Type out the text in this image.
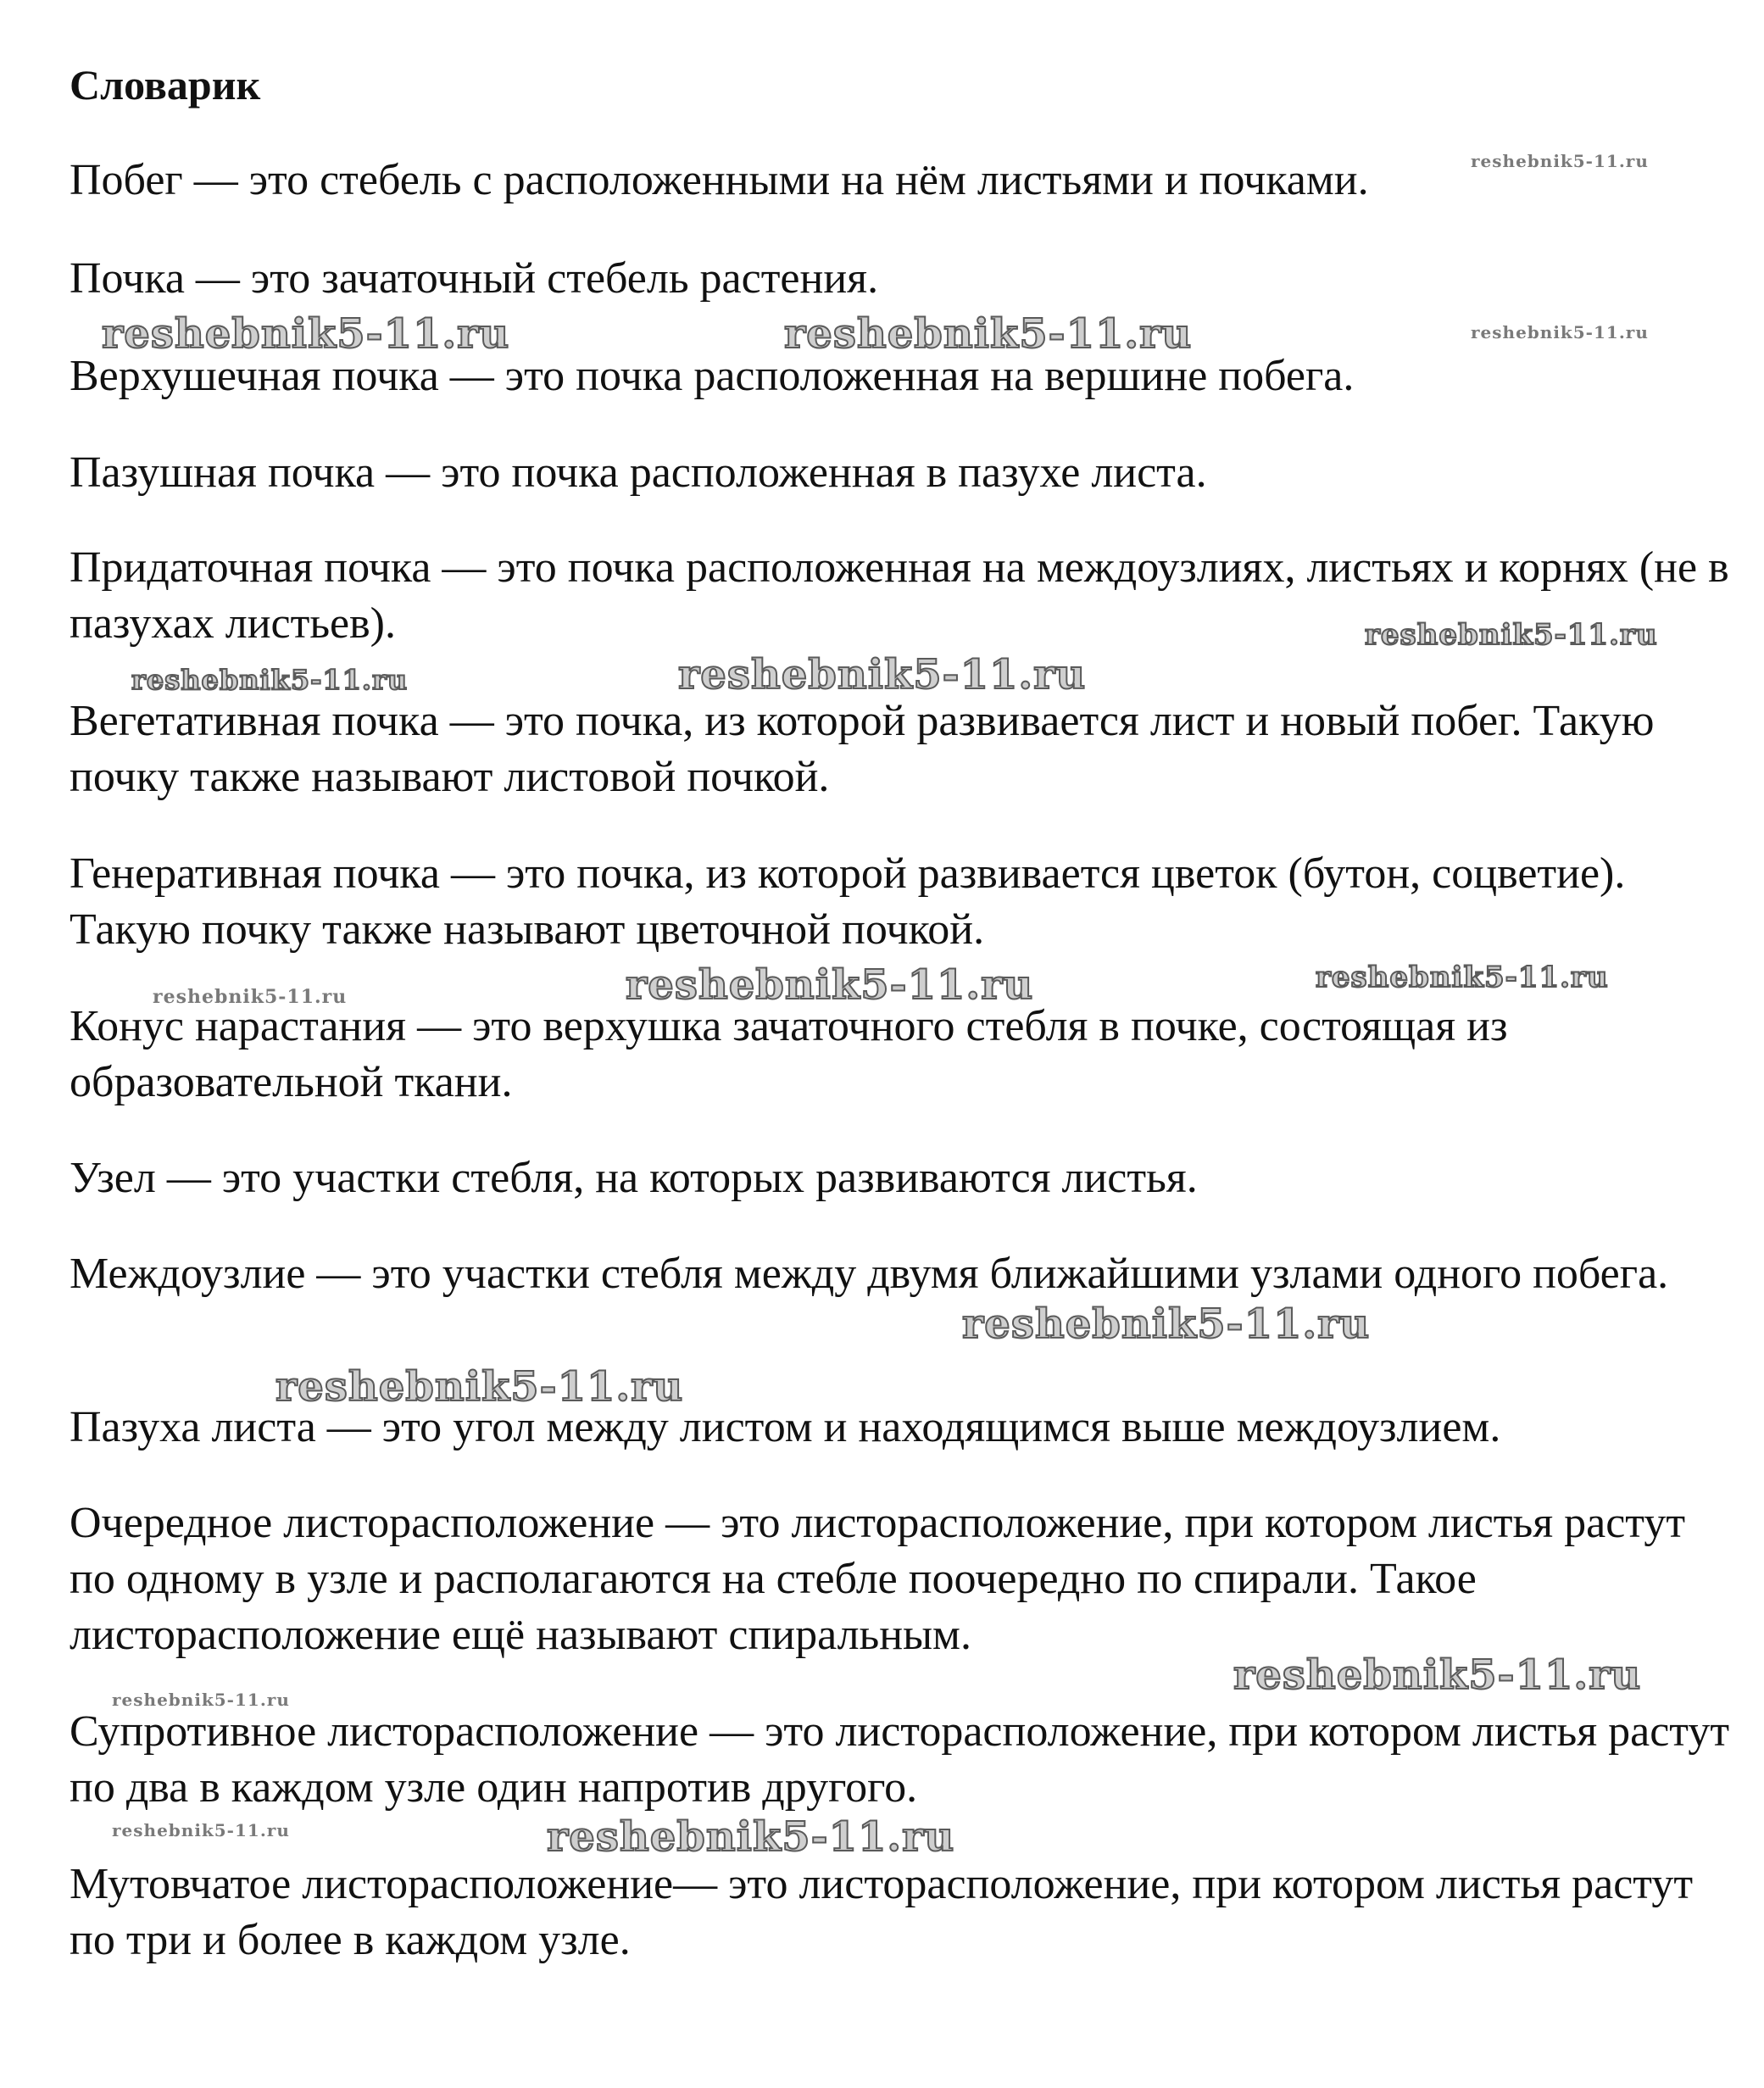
Словарик

Побег — это стебель с расположенными на нём листьями и почками.

Почка — это зачаточный стебель растения.

Верхушечная почка — это почка расположенная на вершине побега.

Пазушная почка — это почка расположенная в пазухе листа.

Придаточная почка — это почка расположенная на междоузлиях, листьях и корнях (не в пазухах листьев).

Вегетативная почка — это почка, из которой развивается лист и новый побег. Такую почку также называют листовой почкой.

Генеративная почка — это почка, из которой развивается цветок (бутон, соцветие). Такую почку также называют цветочной почкой.

Конус нарастания — это верхушка зачаточного стебля в почке, состоящая из образовательной ткани.

Узел — это участки стебля, на которых развиваются листья.

Междоузлие — это участки стебля между двумя ближайшими узлами одного побега.

Пазуха листа — это угол между листом и находящимся выше междоузлием.

Очередное листорасположение — это листорасположение, при котором листья растут по одному в узле и располагаются на стебле поочередно по спирали. Такое листорасположение ещё называют спиральным.

Супротивное листорасположение — это листорасположение, при котором листья растут по два в каждом узле один напротив другого.

Мутовчатое листорасположение— это листорасположение, при котором листья растут по три и более в каждом узле.

reshebnik5-11.ru
reshebnik5-11.ru	reshebnik5-11.ru	reshebnik5-11.ru
reshebnik5-11.ru
reshebnik5-11.ru	reshebnik5-11.ru
reshebnik5-11.ru	reshebnik5-11.ru	reshebnik5-11.ru
reshebnik5-11.ru
reshebnik5-11.ru
reshebnik5-11.ru
reshebnik5-11.ru
reshebnik5-11.ru	reshebnik5-11.ru
